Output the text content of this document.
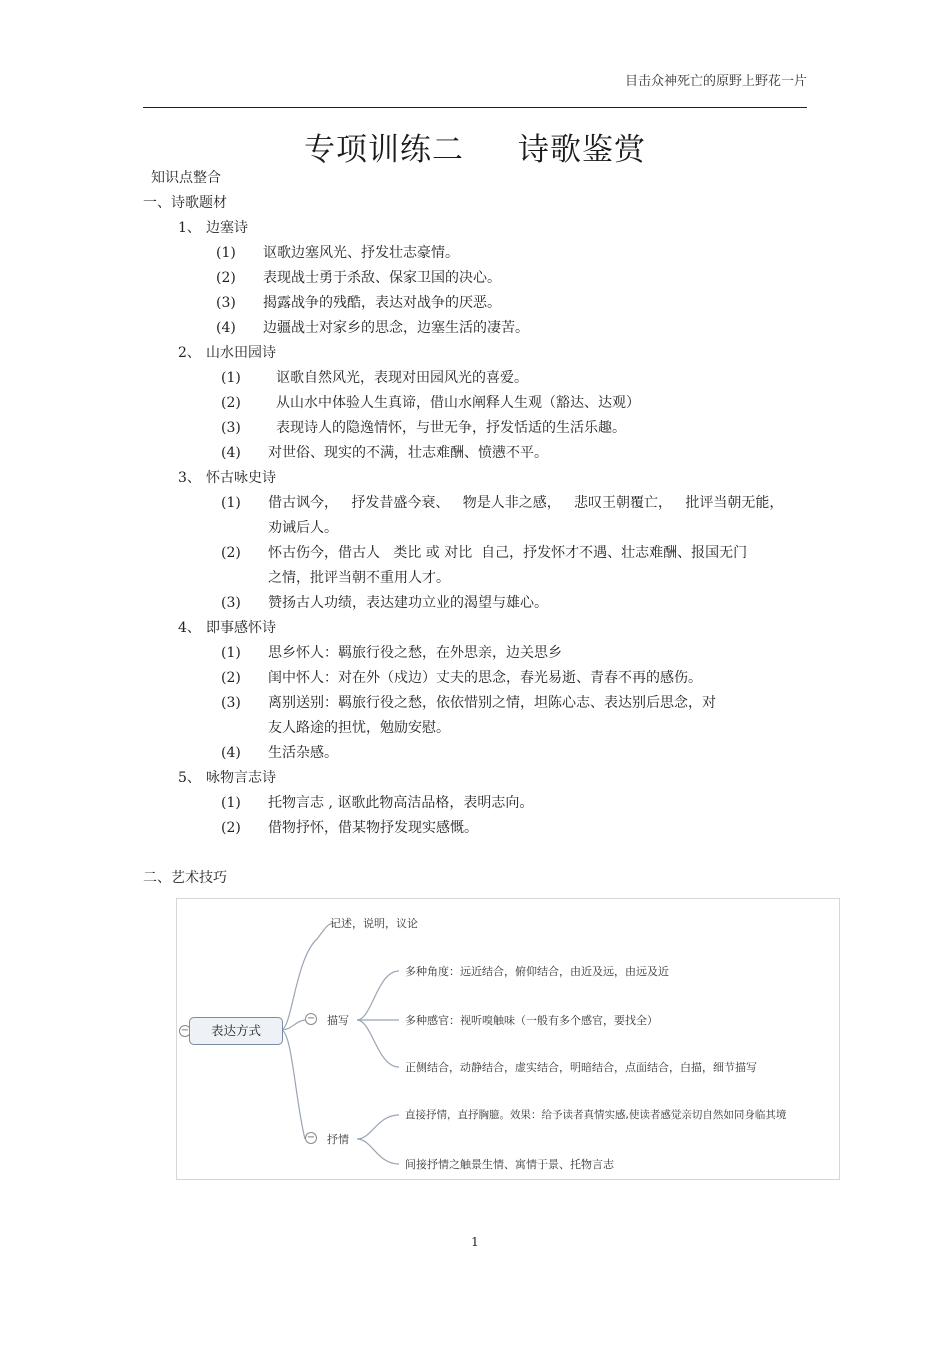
目击众神死亡的原野上野花一片
专项训练二 诗歌鉴赏
知识点整合
一、诗歌题材
1、 边塞诗
(1) 讴歌边塞风光、抒发壮志豪情。
(2) 表现战士勇于杀敌、保家卫国的决心。
(3) 揭露战争的残酷，表达对战争的厌恶。
(4) 边疆战士对家乡的思念，边塞生活的凄苦。
2、 山水田园诗
(1)	讴歌自然风光，表现对田园风光的喜爱。
(2)	从山水中体验人生真谛，借山水阐释人生观（豁达、达观）
(3)	表现诗人的隐逸情怀，与世无争，抒发恬适的生活乐趣。
(4) 对世俗、现实的不满，壮志难酬、愤懑不平。
3、 怀古咏史诗
(1) 借古讽今，   抒发昔盛今衰、   物是人非之感，   悲叹王朝覆亡，   批评当朝无能，
劝诫后人。
(2) 怀古伤今，借古人   类比 或 对比  自己，抒发怀才不遇、壮志难酬、报国无门
之情，批评当朝不重用人才。
(3) 赞扬古人功绩，表达建功立业的渴望与雄心。
4、 即事感怀诗
(1) 思乡怀人：羁旅行役之愁，在外思亲，边关思乡
(2) 闺中怀人：对在外（戍边）丈夫的思念，春光易逝、青春不再的感伤。
(3) 离别送别：羁旅行役之愁，依依惜别之情，坦陈心志、表达别后思念，对
友人路途的担忧，勉励安慰。
(4) 生活杂感。
5、 咏物言志诗
(1) 托物言志 , 讴歌此物高洁品格，表明志向。
(2) 借物抒怀，借某物抒发现实感慨。
二、艺术技巧
−	表达方式
记述，说明，议论
− 描写
多种角度：远近结合，俯仰结合，由近及远，由远及近
多种感官：视听嗅触味（一般有多个感官，要找全）
正侧结合，动静结合，虚实结合，明暗结合，点面结合，白描，细节描写
− 抒情
直接抒情，直抒胸臆。效果：给予读者真情实感,使读者感觉亲切自然如同身临其境
间接抒情之触景生情、寓情于景、托物言志
1
